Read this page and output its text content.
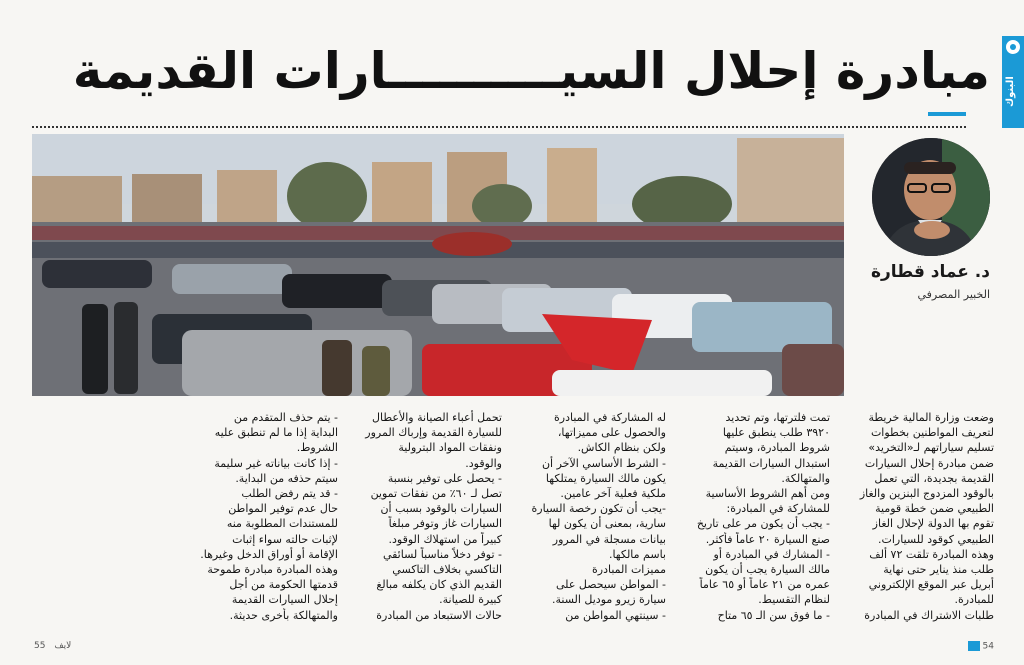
البنوك
مبادرة إحلال السيــــــــــارات القديمة
د. عماد قطارة
الخبير المصرفي

وضعت وزارة المالية خريطة
لتعريف المواطنين بخطوات
تسليم سياراتهم لـ«التخريد»
ضمن مبادرة إحلال السيارات
القديمة بجديدة، التي تعمل
بالوقود المزدوج البنزين والغاز
الطبيعي ضمن خطة قومية
تقوم بها الدولة لإحلال الغاز
الطبيعي كوقود للسيارات.
وهذه المبادرة تلقت ٧٢ ألف
طلب منذ يناير حتى نهاية
أبريل عبر الموقع الإلكتروني
للمبادرة.
طلبات الاشتراك في المبادرة

تمت فلترتها، وتم تحديد
٣٩٢٠ طلب ينطبق عليها
شروط المبادرة، وسيتم
استبدال السيارات القديمة
والمتهالكة.
ومن أهم الشروط الأساسية
للمشاركة في المبادرة:
- يجب أن يكون مر على تاريخ
صنع السيارة ٢٠ عاماً فأكثر.
- المشارك في المبادرة أو
مالك السيارة يجب أن يكون
عمره من ٢١ عاماً أو ٦٥ عاماً
لنظام التقسيط.
- ما فوق سن الـ ٦٥ متاح

له المشاركة في المبادرة
والحصول على مميزاتها،
ولكن بنظام الكاش.
- الشرط الأساسي الآخر أن
يكون مالك السيارة يمتلكها
ملكية فعلية آخر عامين.
-يجب أن تكون رخصة السيارة
سارية، بمعنى أن يكون لها
بيانات مسجلة في المرور
باسم مالكها.
مميزات المبادرة
- المواطن سيحصل على
سيارة زيرو موديل السنة.
- سينتهي المواطن من

تحمل أعباء الصيانة والأعطال
للسيارة القديمة وإرباك المرور
ونفقات المواد البترولية
والوقود.
- يحصل على توفير بنسبة
تصل لـ ٦٠٪ من نفقات تموين
السيارات بالوقود بسبب أن
السيارات غاز وتوفر مبلغاً
كبيراً من استهلاك الوقود.
- توفر دخلاً مناسباً لسائقي
التاكسي بخلاف التاكسي
القديم الذي كان يكلفه مبالغ
كبيرة للصيانة.
حالات الاستبعاد من المبادرة

- يتم حذف المتقدم من
البداية إذا ما لم تنطبق عليه
الشروط.
- إذا كانت بياناته غير سليمة
سيتم حذفه من البداية.
- قد يتم رفض الطلب
حال عدم توفير المواطن
للمستندات المطلوبة منه
لإثبات حالته سواء إثبات
الإقامة أو أوراق الدخل وغيرها.
وهذه المبادرة مبادرة طموحة
قدمتها الحكومة من أجل
إحلال السيارات القديمة
والمتهالكة بأخرى حديثة.

55 لايف	54
